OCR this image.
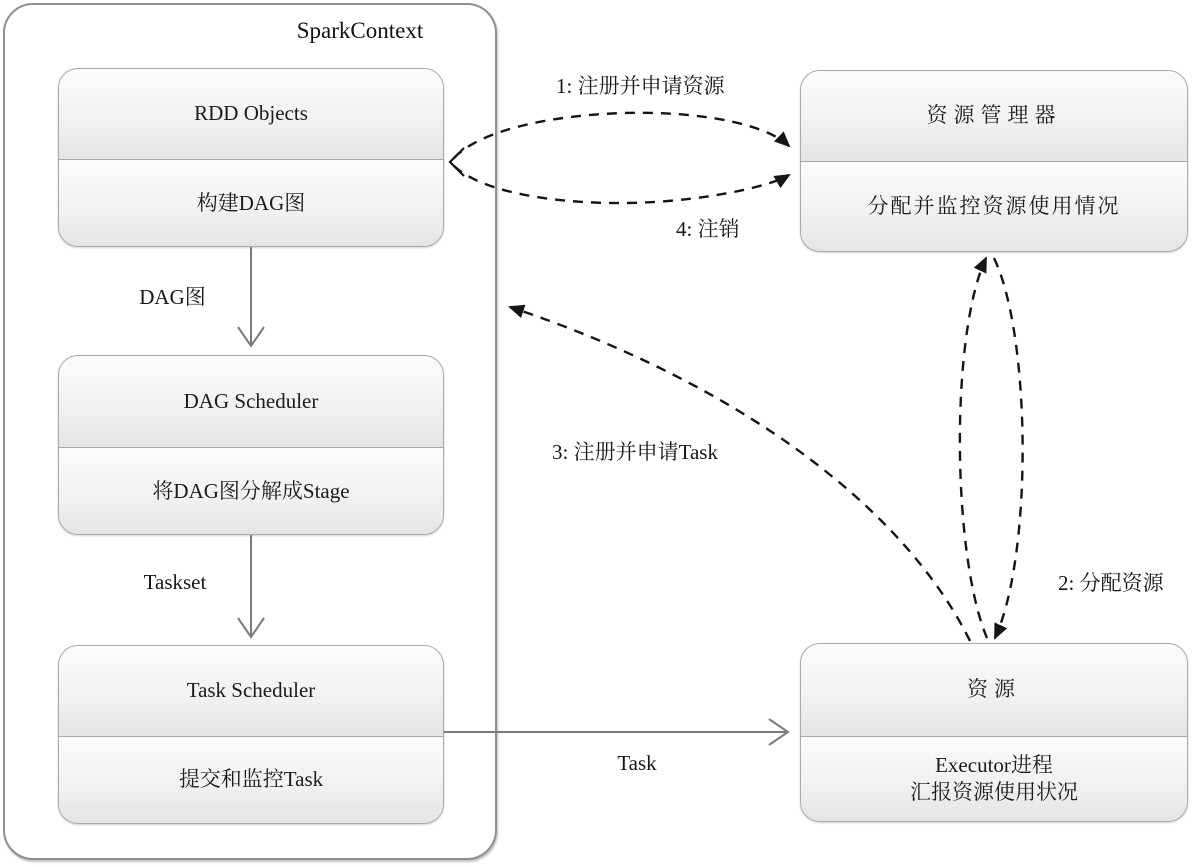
SparkContext
RDD Objects
构建DAG图
DAG Scheduler
将DAG图分解成Stage
Task Scheduler
提交和监控Task
资源管理器
分配并监控资源使用情况
资源
Executor进程
汇报资源使用状况
DAG图
Taskset
Task
1: 注册并申请资源
2: 分配资源
3: 注册并申请Task
4: 注销
